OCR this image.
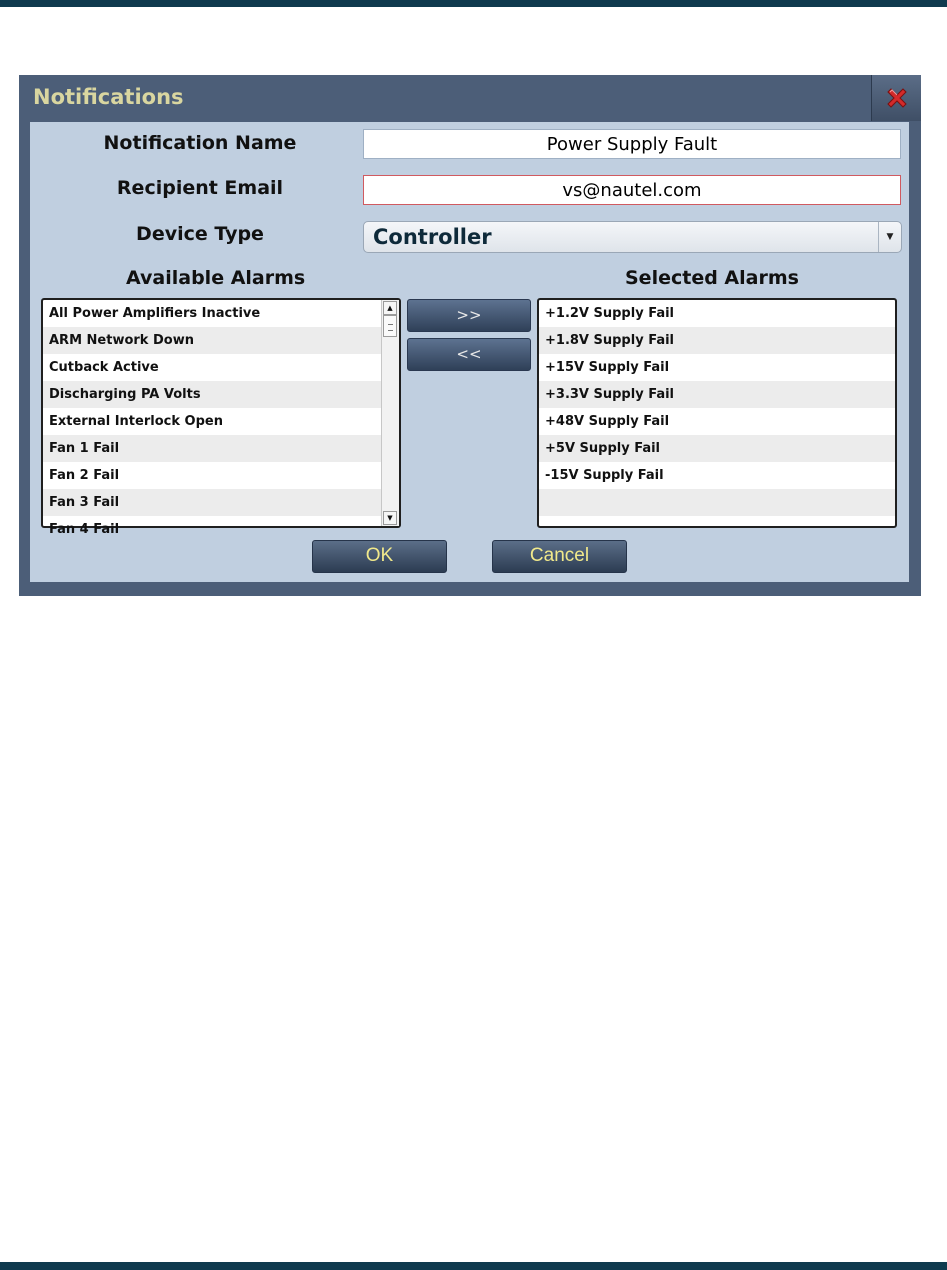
Notifications
Notification Name
Power Supply Fault
Recipient Email
vs@nautel.com
Device Type	Controller	▼
Available Alarms	Selected Alarms
All Power Amplifiers Inactive
ARM Network Down
Cutback Active
Discharging PA Volts
External Interlock Open
Fan 1 Fail
Fan 2 Fail
Fan 3 Fail
Fan 4 Fail
▲
▼
>>
<<
+1.2V Supply Fail
+1.8V Supply Fail
+15V Supply Fail
+3.3V Supply Fail
+48V Supply Fail
+5V Supply Fail
-15V Supply Fail
OK	Cancel
